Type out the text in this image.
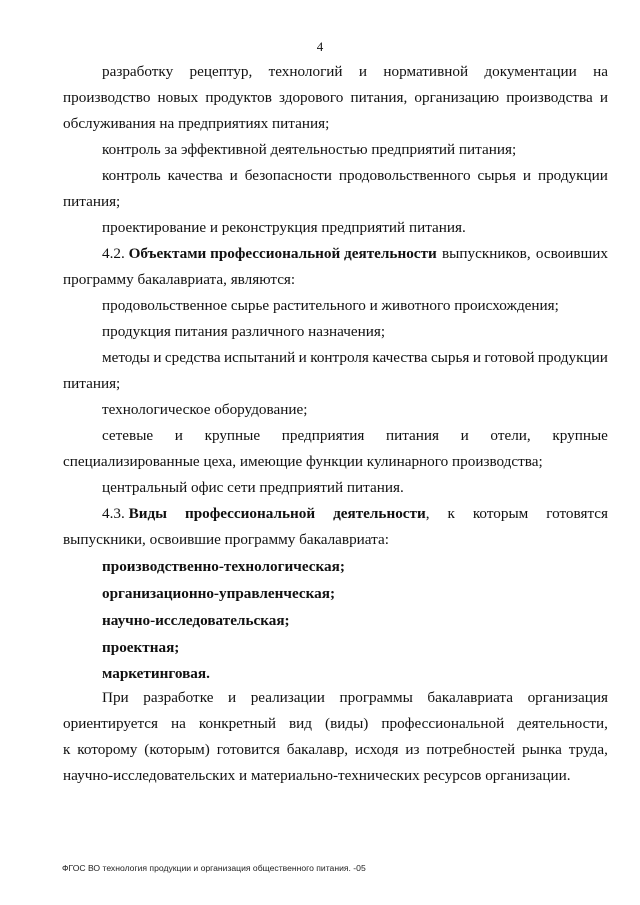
4
разработку рецептур, технологий и нормативной документации на
производство новых продуктов здорового питания, организацию производства и
обслуживания на предприятиях питания;
контроль за эффективной деятельностью предприятий питания;
контроль качества и безопасности продовольственного сырья и продукции
питания;
проектирование и реконструкция предприятий питания.
4.2. Объектами профессиональной деятельности выпускников, освоивших
программу бакалавриата, являются:
продовольственное сырье растительного и животного происхождения;
продукция питания различного назначения;
методы и средства испытаний и контроля качества сырья и готовой продукции
питания;
технологическое оборудование;
сетевые и крупные предприятия питания и отели, крупные
специализированные цеха, имеющие функции кулинарного производства;
центральный офис сети предприятий питания.
4.3. Виды профессиональной деятельности, к которым готовятся
выпускники, освоившие программу бакалавриата:
производственно-технологическая;
организационно-управленческая;
научно-исследовательская;
проектная;
маркетинговая.
При разработке и реализации программы бакалавриата организация
ориентируется на конкретный вид (виды) профессиональной деятельности,
к которому (которым) готовится бакалавр, исходя из потребностей рынка труда,
научно-исследовательских и материально-технических ресурсов организации.
ФГОС ВО технология продукции и организация общественного питания. -05
